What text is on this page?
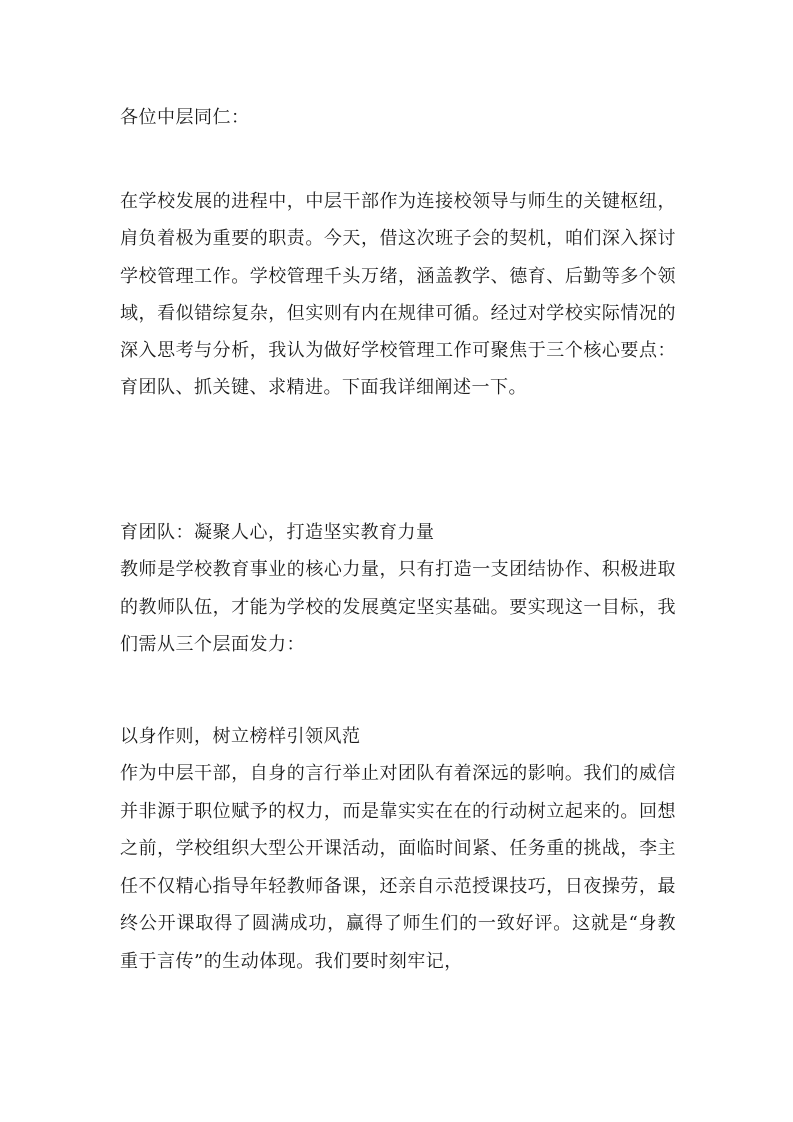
各位中层同仁：
在学校发展的进程中，中层干部作为连接校领导与师生的关键枢纽，肩负着极为重要的职责。今天，借这次班子会的契机，咱们深入探讨学校管理工作。学校管理千头万绪，涵盖教学、德育、后勤等多个领域，看似错综复杂，但实则有内在规律可循。经过对学校实际情况的深入思考与分析，我认为做好学校管理工作可聚焦于三个核心要点：育团队、抓关键、求精进。下面我详细阐述一下。
育团队：凝聚人心，打造坚实教育力量
教师是学校教育事业的核心力量，只有打造一支团结协作、积极进取的教师队伍，才能为学校的发展奠定坚实基础。要实现这一目标，我们需从三个层面发力：
以身作则，树立榜样引领风范
作为中层干部，自身的言行举止对团队有着深远的影响。我们的威信并非源于职位赋予的权力，而是靠实实在在的行动树立起来的。回想之前，学校组织大型公开课活动，面临时间紧、任务重的挑战，李主任不仅精心指导年轻教师备课，还亲自示范授课技巧，日夜操劳，最终公开课取得了圆满成功，赢得了师生们的一致好评。这就是“身教重于言传”的生动体现。我们要时刻牢记，
